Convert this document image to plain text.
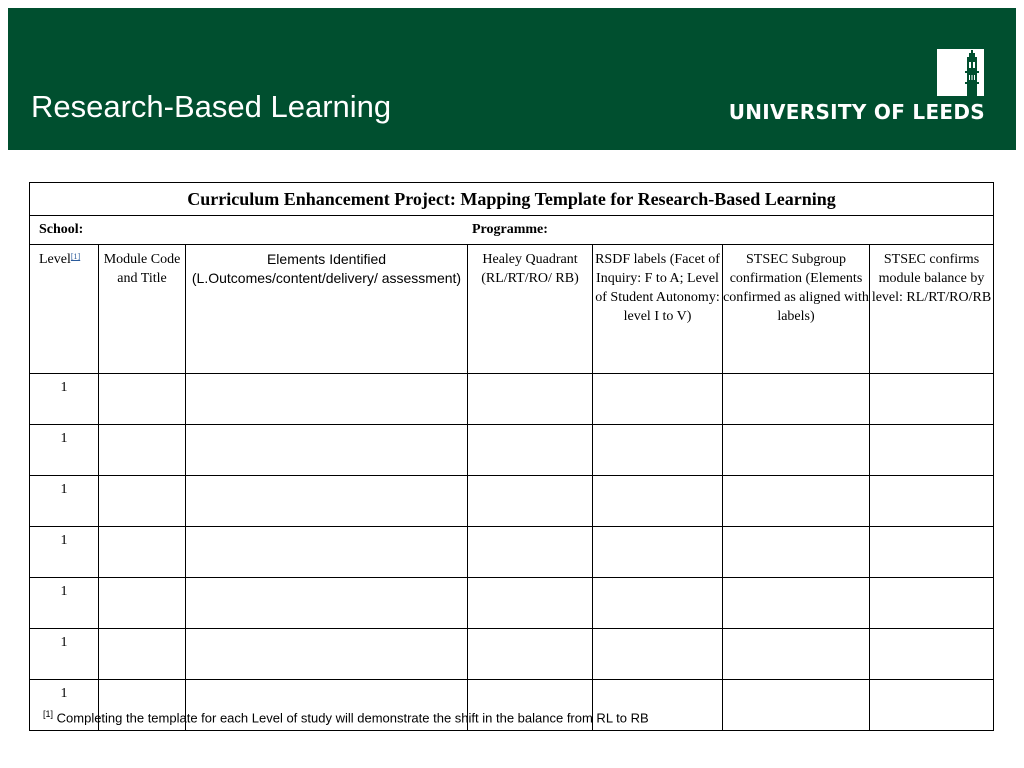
Research-Based Learning	UNIVERSITY OF LEEDS
Curriculum Enhancement Project: Mapping Template for Research-Based Learning						

School: Programme:						

Level[1]	Module Code and Title	Elements Identified (L.Outcomes/content/delivery/ assessment)	Healey Quadrant (RL/RT/RO/ RB)	RSDF labels (Facet of Inquiry: F to A; Level of Student Autonomy: level I to V)	STSEC Subgroup confirmation (Elements confirmed as aligned with labels)	STSEC confirms module balance by level: RL/RT/RO/RB
1						
1						
1						
1						
1						
1						
1						
[1] Completing the template for each Level of study will demonstrate the shift in the balance from RL to RB
